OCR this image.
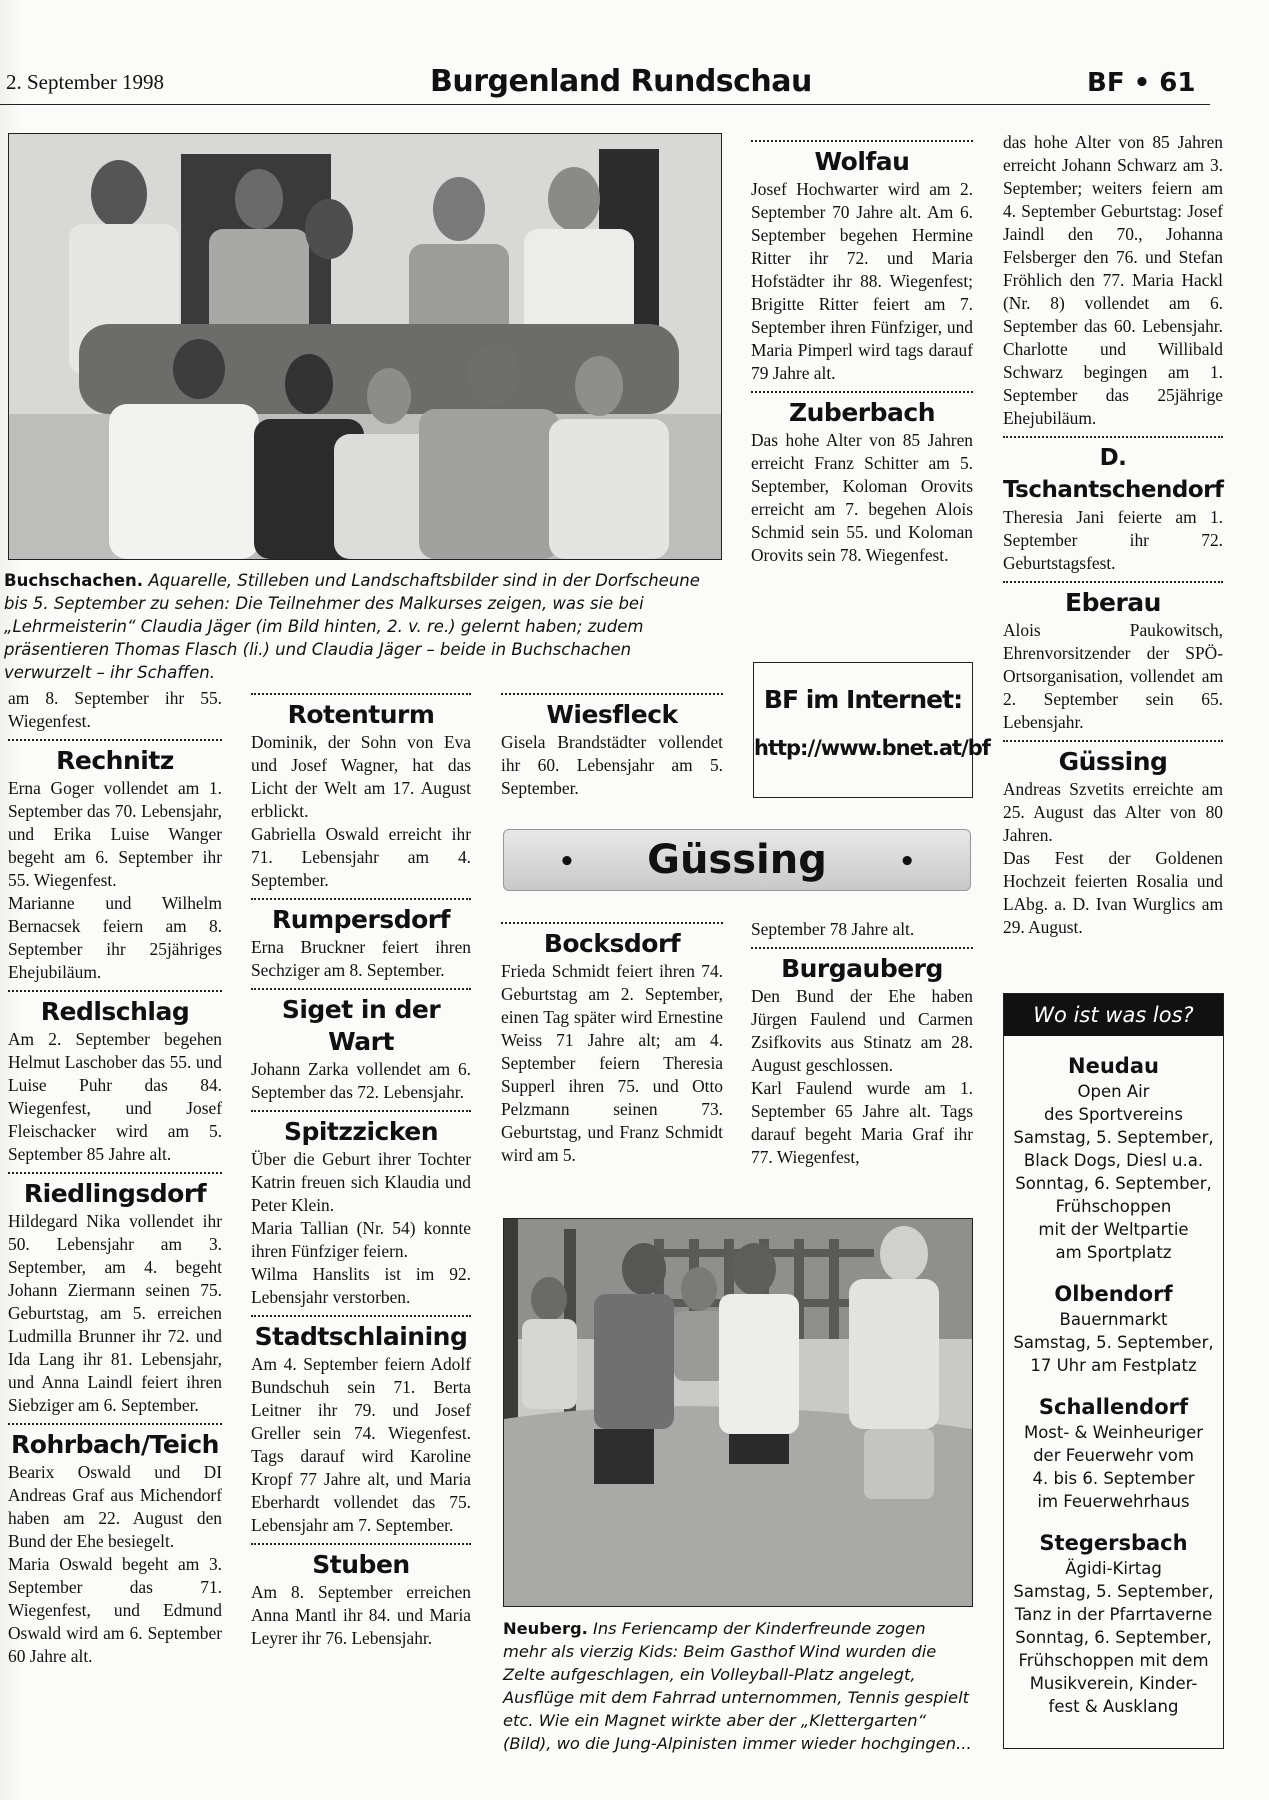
2. September 1998	Burgenland Rundschau	BF • 61
Buchschachen. Aquarelle, Stilleben und Landschaftsbilder sind in der Dorfscheune bis 5. September zu sehen: Die Teilnehmer des Malkurses zeigen, was sie bei „Lehrmeisterin“ Claudia Jäger (im Bild hinten, 2. v. re.) gelernt haben; zudem präsentieren Thomas Flasch (li.) und Claudia Jäger – beide in Buchschachen verwurzelt – ihr Schaffen.

am 8. September ihr 55. Wiegenfest.

Rechnitz

Erna Goger vollendet am 1. September das 70. Lebensjahr, und Erika Luise Wanger begeht am 6. September ihr 55. Wiegenfest.

Marianne und Wilhelm Bernacsek feiern am 8. September ihr 25jähriges Ehejubiläum.

Redlschlag

Am 2. September begehen Helmut Laschober das 55. und Luise Puhr das 84. Wiegenfest, und Josef Fleischacker wird am 5. September 85 Jahre alt.

Riedlingsdorf

Hildegard Nika vollendet ihr 50. Lebensjahr am 3. September, am 4. begeht Johann Ziermann seinen 75. Geburtstag, am 5. erreichen Ludmilla Brunner ihr 72. und Ida Lang ihr 81. Lebensjahr, und Anna Laindl feiert ihren Siebziger am 6. September.

Rohrbach/Teich

Bearix Oswald und DI Andreas Graf aus Michendorf haben am 22. August den Bund der Ehe besiegelt.

Maria Oswald begeht am 3. September das 71. Wiegenfest, und Edmund Oswald wird am 6. September 60 Jahre alt.

Rotenturm

Dominik, der Sohn von Eva und Josef Wagner, hat das Licht der Welt am 17. August erblickt.

Gabriella Oswald erreicht ihr 71. Lebensjahr am 4. September.

Rumpersdorf

Erna Bruckner feiert ihren Sechziger am 8. September.

Siget in der Wart

Johann Zarka vollendet am 6. September das 72. Lebensjahr.

Spitzzicken

Über die Geburt ihrer Tochter Katrin freuen sich Klaudia und Peter Klein.

Maria Tallian (Nr. 54) konnte ihren Fünfziger feiern.

Wilma Hanslits ist im 92. Lebensjahr verstorben.

Stadtschlaining

Am 4. September feiern Adolf Bundschuh sein 71. Berta Leitner ihr 79. und Josef Greller sein 74. Wiegenfest. Tags darauf wird Karoline Kropf 77 Jahre alt, und Maria Eberhardt vollendet das 75. Lebensjahr am 7. September.

Stuben

Am 8. September erreichen Anna Mantl ihr 84. und Maria Leyrer ihr 76. Lebensjahr.

Wiesfleck

Gisela Brandstädter vollendet ihr 60. Lebensjahr am 5. September.

• Güssing	•
Bocksdorf

Frieda Schmidt feiert ihren 74. Geburtstag am 2. September, einen Tag später wird Ernestine Weiss 71 Jahre alt; am 4. September feiern Theresia Supperl ihren 75. und Otto Pelzmann seinen 73. Geburtstag, und Franz Schmidt wird am 5.

Wolfau

Josef Hochwarter wird am 2. September 70 Jahre alt. Am 6. September begehen Hermine Ritter ihr 72. und Maria Hofstädter ihr 88. Wiegenfest; Brigitte Ritter feiert am 7. September ihren Fünfziger, und Maria Pimperl wird tags darauf 79 Jahre alt.

Zuberbach

Das hohe Alter von 85 Jahren erreicht Franz Schitter am 5. September, Koloman Orovits erreicht am 7. begehen Alois Schmid sein 55. und Koloman Orovits sein 78. Wiegenfest.

BF im Internet:
http://www.bnet.at/bf

September 78 Jahre alt.

Burgauberg

Den Bund der Ehe haben Jürgen Faulend und Carmen Zsifkovits aus Stinatz am 28. August geschlossen.

Karl Faulend wurde am 1. September 65 Jahre alt. Tags darauf begeht Maria Graf ihr 77. Wiegenfest,

Neuberg. Ins Feriencamp der Kinderfreunde zogen mehr als vierzig Kids: Beim Gasthof Wind wurden die Zelte aufgeschlagen, ein Volleyball-Platz angelegt, Ausflüge mit dem Fahrrad unternommen, Tennis gespielt etc. Wie ein Magnet wirkte aber der „Klettergarten“ (Bild), wo die Jung-Alpinisten immer wieder hochgingen...

das hohe Alter von 85 Jahren erreicht Johann Schwarz am 3. September; weiters feiern am 4. September Geburtstag: Josef Jaindl den 70., Johanna Felsberger den 76. und Stefan Fröhlich den 77. Maria Hackl (Nr. 8) vollendet am 6. September das 60. Lebensjahr. Charlotte und Willibald Schwarz begingen am 1. September das 25jährige Ehejubiläum.

D. Tschantschendorf

Theresia Jani feierte am 1. September ihr 72. Geburtstagsfest.

Eberau

Alois Paukowitsch, Ehrenvorsitzender der SPÖ-Ortsorganisation, vollendet am 2. September sein 65. Lebensjahr.

Güssing

Andreas Szvetits erreichte am 25. August das Alter von 80 Jahren.

Das Fest der Goldenen Hochzeit feierten Rosalia und LAbg. a. D. Ivan Wurglics am 29. August.

Wo ist was los?
Neudau
Open Air
des Sportvereins
Samstag, 5. September,
Black Dogs, Diesl u.a.
Sonntag, 6. September,
Frühschoppen
mit der Weltpartie
am Sportplatz
Olbendorf
Bauernmarkt
Samstag, 5. September,
17 Uhr am Festplatz
Schallendorf
Most- & Weinheuriger
der Feuerwehr vom
4. bis 6. September
im Feuerwehrhaus
Stegersbach
Ägidi-Kirtag
Samstag, 5. September,
Tanz in der Pfarrtaverne
Sonntag, 6. September,
Frühschoppen mit dem
Musikverein, Kinder-
fest & Ausklang
